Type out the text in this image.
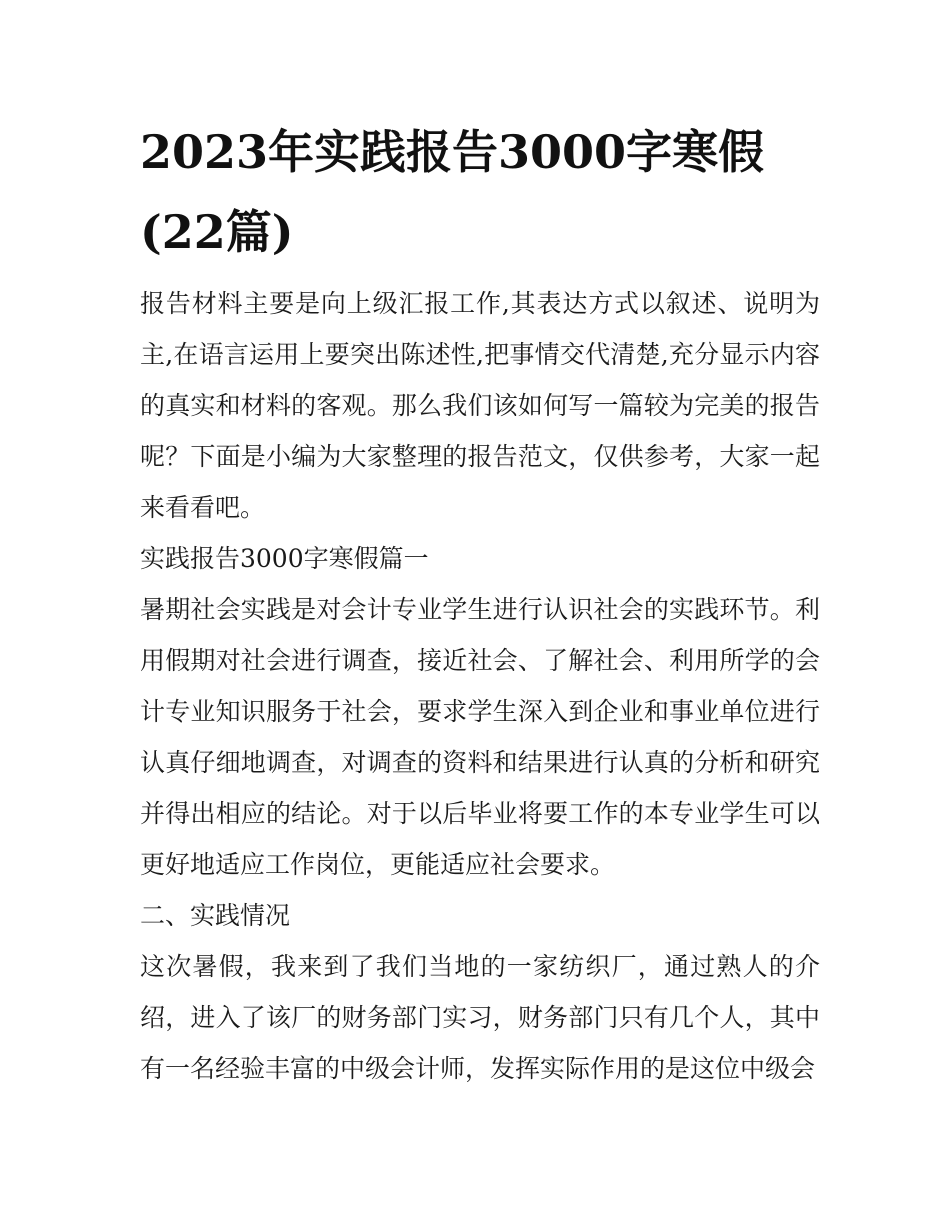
2023年实践报告3000字寒假(22篇)

报告材料主要是向上级汇报工作,其表达方式以叙述、说明为主,在语言运用上要突出陈述性,把事情交代清楚,充分显示内容的真实和材料的客观。那么我们该如何写一篇较为完美的报告呢？下面是小编为大家整理的报告范文，仅供参考，大家一起来看看吧。

实践报告3000字寒假篇一

暑期社会实践是对会计专业学生进行认识社会的实践环节。利用假期对社会进行调查，接近社会、了解社会、利用所学的会计专业知识服务于社会，要求学生深入到企业和事业单位进行认真仔细地调查，对调查的资料和结果进行认真的分析和研究并得出相应的结论。对于以后毕业将要工作的本专业学生可以更好地适应工作岗位，更能适应社会要求。

二、实践情况

这次暑假，我来到了我们当地的一家纺织厂，通过熟人的介绍，进入了该厂的财务部门实习，财务部门只有几个人，其中有一名经验丰富的中级会计师，发挥实际作用的是这位中级会
